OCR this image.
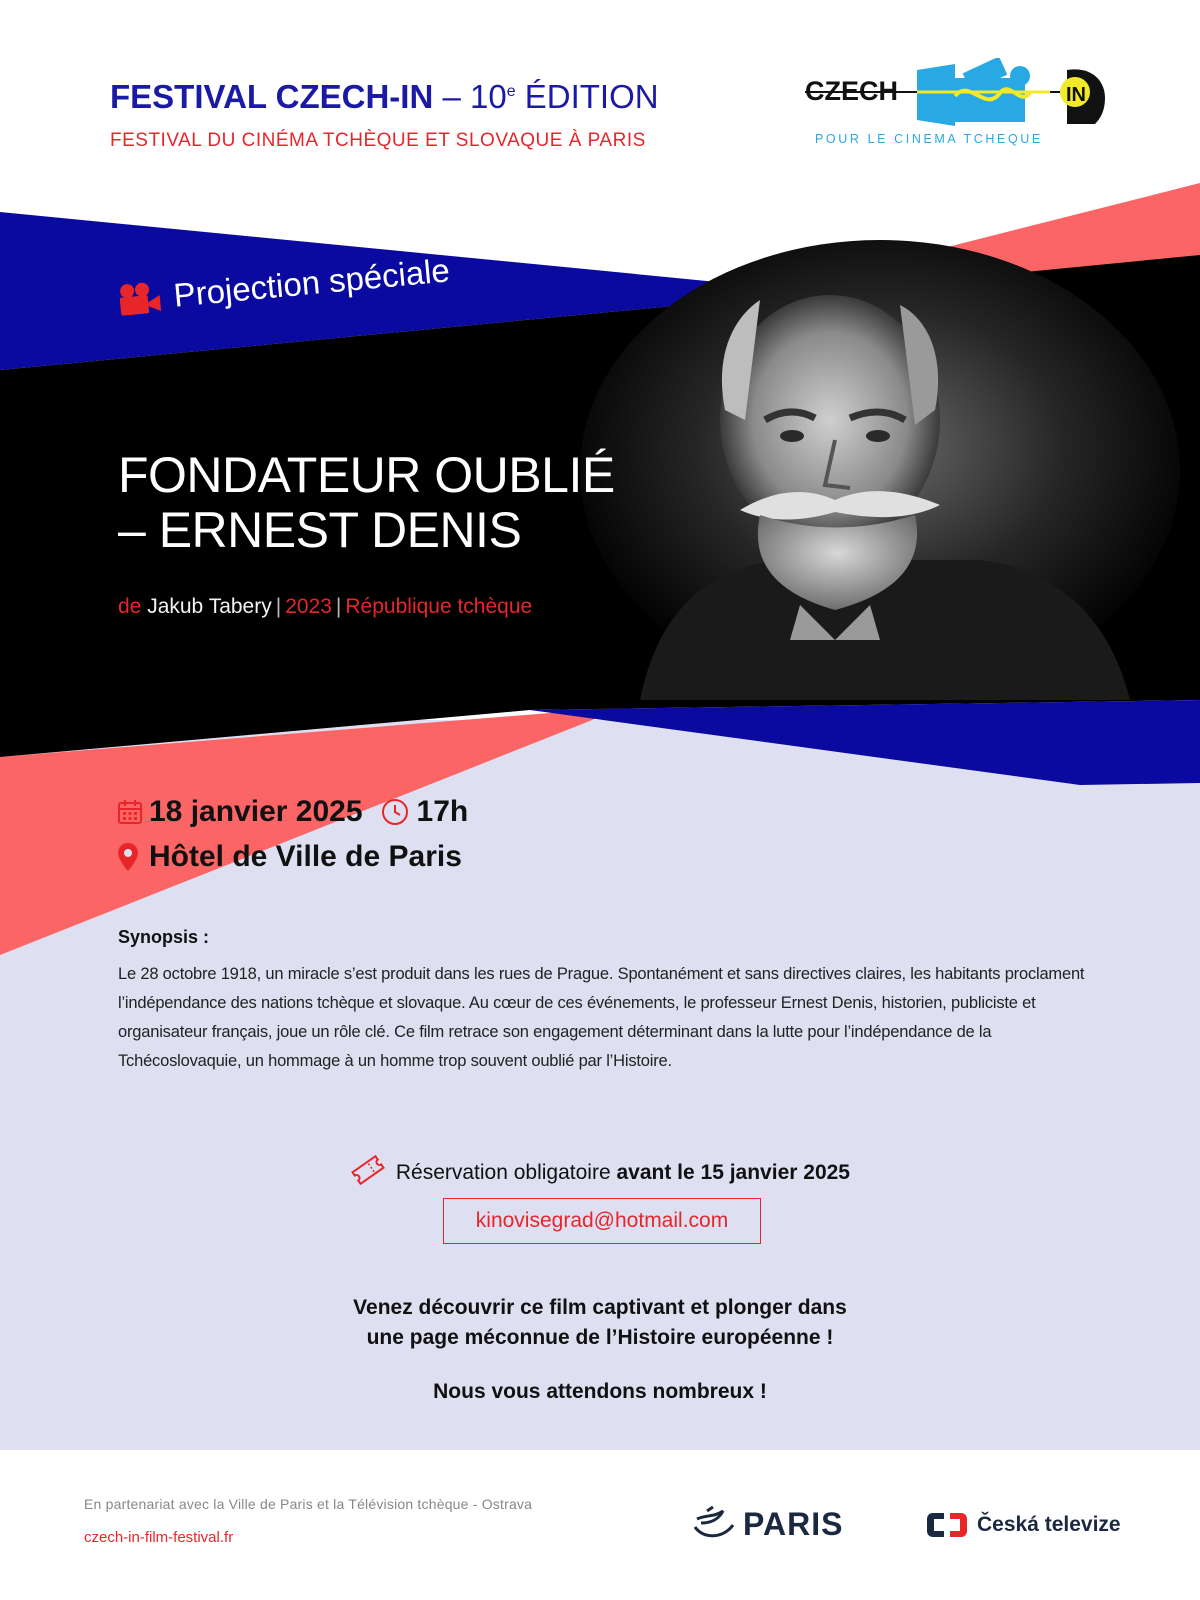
FESTIVAL CZECH-IN – 10e ÉDITION
FESTIVAL DU CINÉMA TCHÈQUE ET SLOVAQUE À PARIS
CZECH	IN
POUR LE CINEMA TCHEQUE
Projection spéciale
FONDATEUR OUBLIÉ
– ERNEST DENIS
de Jakub Tabery | 2023 | République tchèque
18 janvier 2025 17h
Hôtel de Ville de Paris
Synopsis :
Le 28 octobre 1918, un miracle s’est produit dans les rues de Prague. Spontanément et sans directives claires, les habitants proclament l’indépendance des nations tchèque et slovaque. Au cœur de ces événements, le professeur Ernest Denis, historien, publiciste et organisateur français, joue un rôle clé. Ce film retrace son engagement déterminant dans la lutte pour l’indépendance de la Tchécoslovaquie, un hommage à un homme trop souvent oublié par l’Histoire.
Réservation obligatoire avant le 15 janvier 2025
kinovisegrad@hotmail.com
Venez découvrir ce film captivant et plonger dans
une page méconnue de l’Histoire européenne !
Nous vous attendons nombreux !
En partenariat avec la Ville de Paris et la Télévision tchèque - Ostrava
czech-in-film-festival.fr	PARIS	Česká televize
